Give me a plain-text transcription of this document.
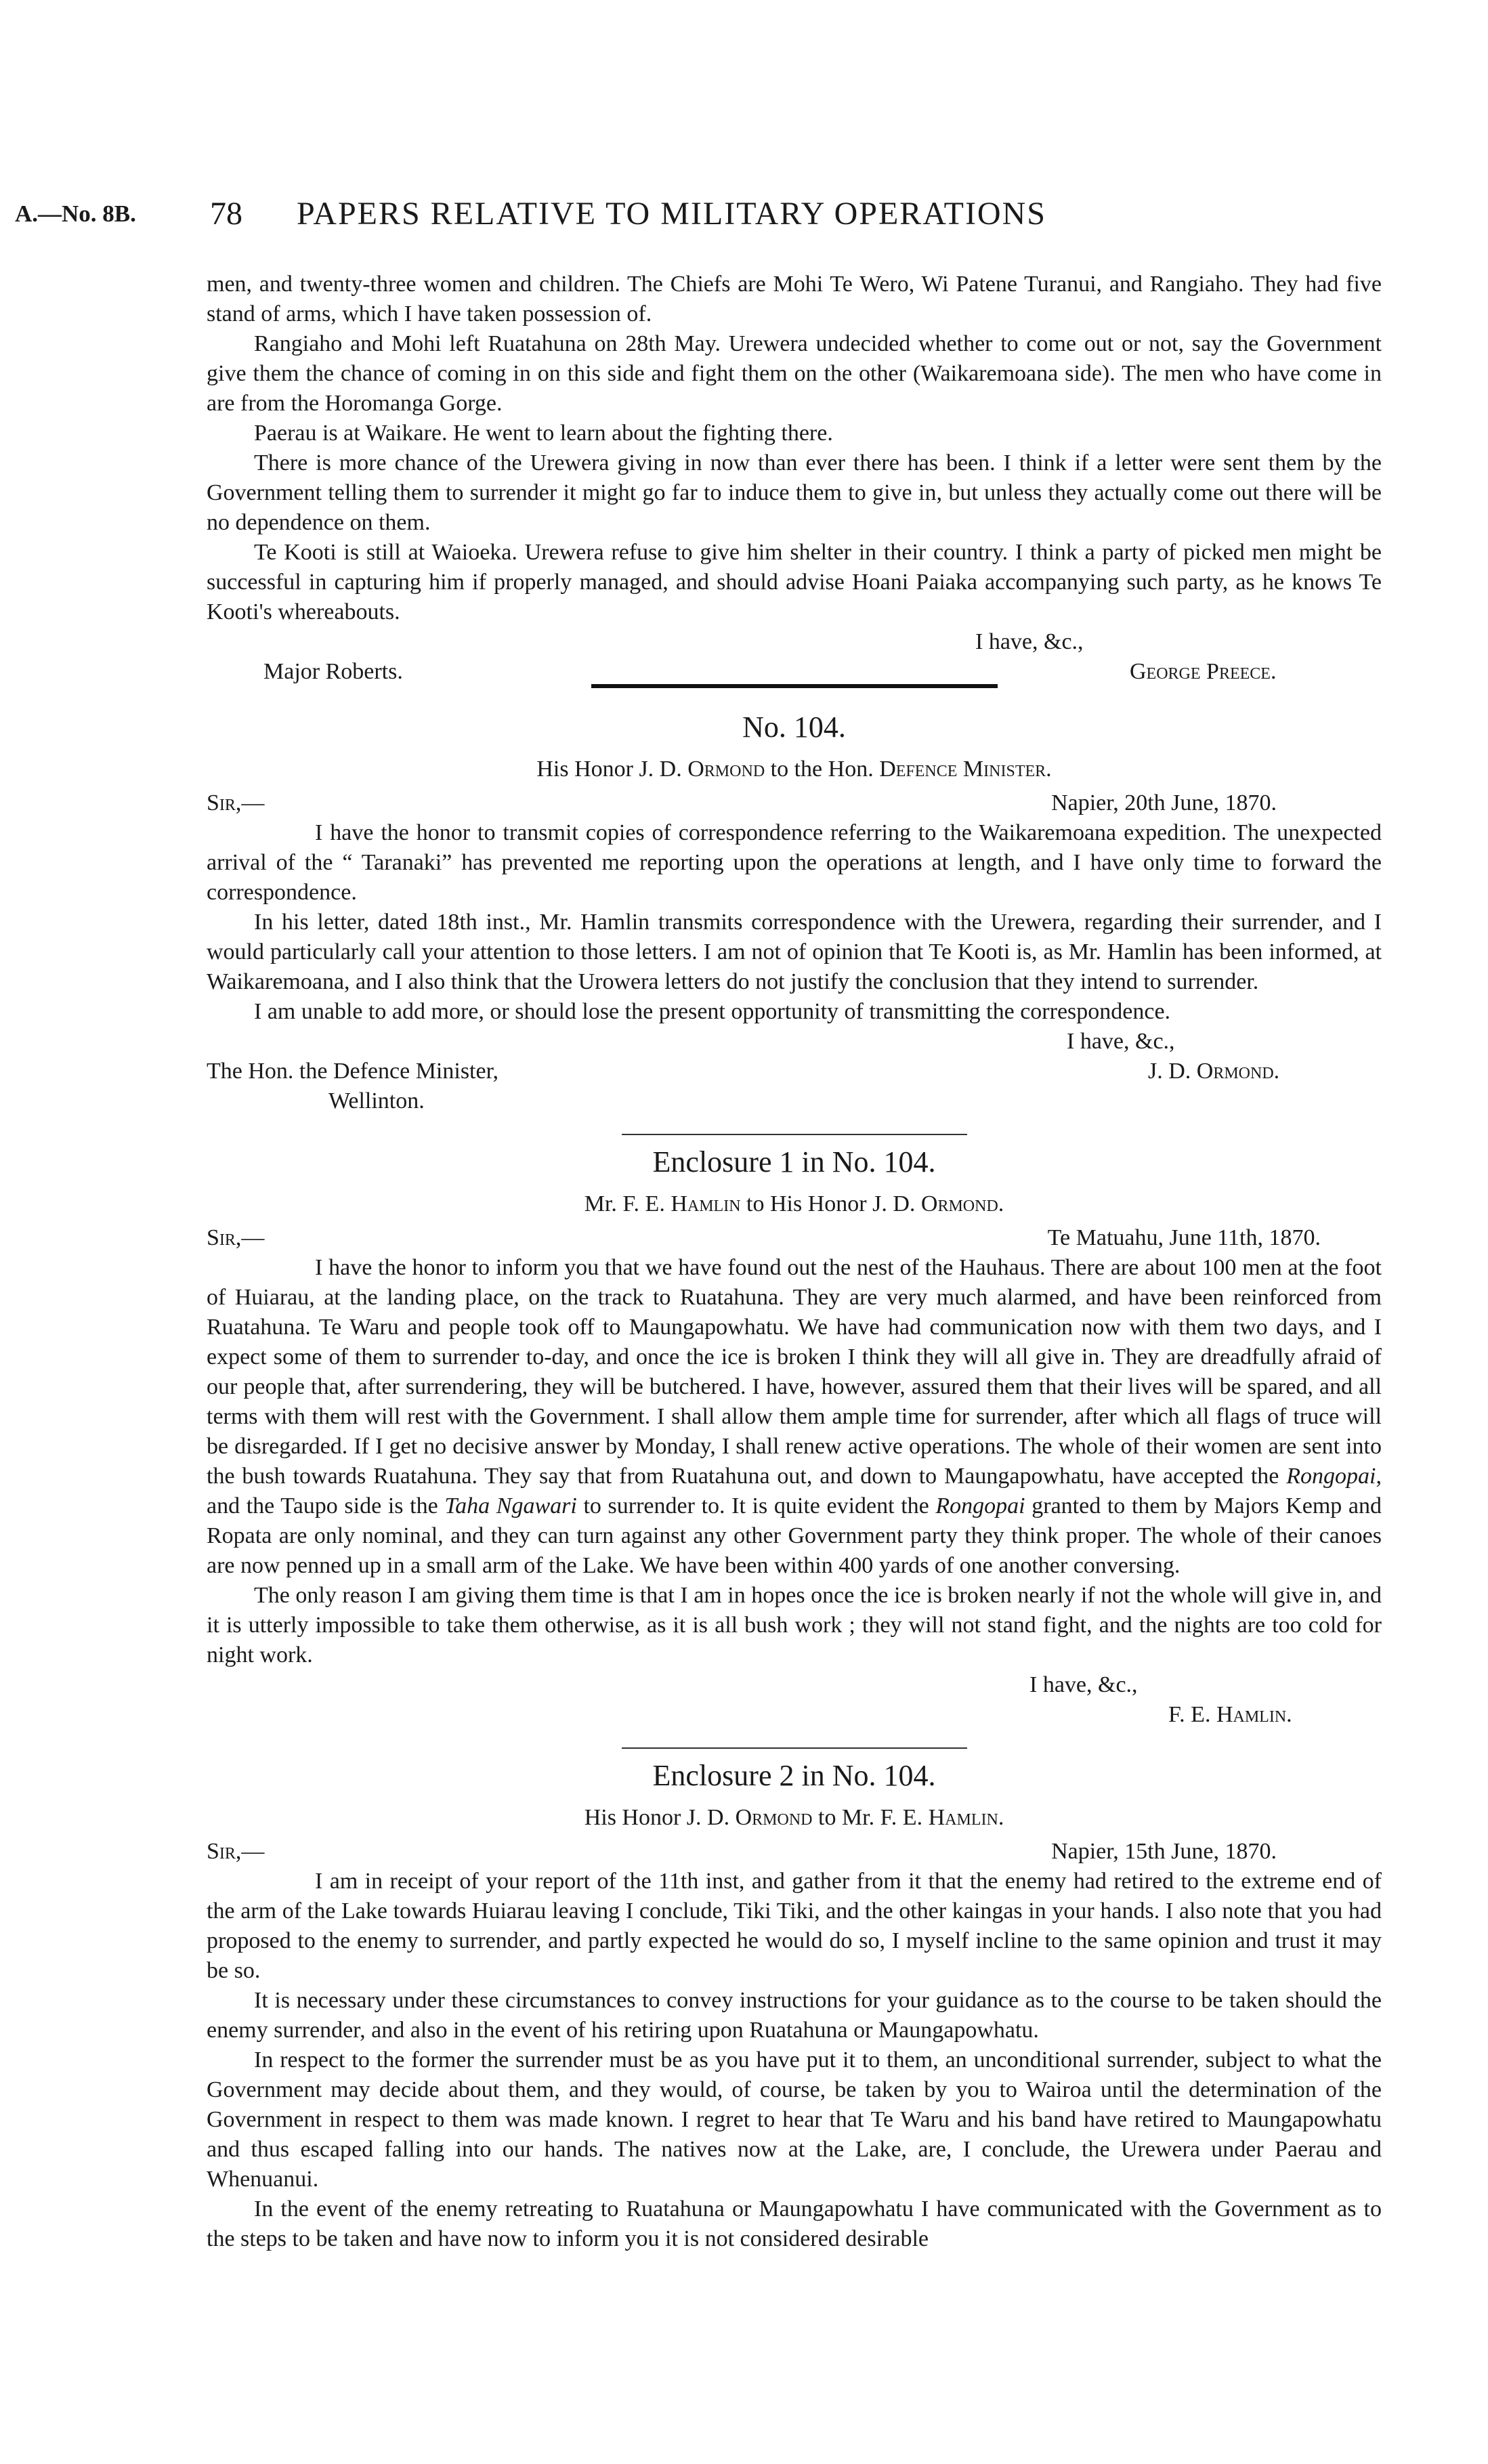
A.—No. 8B. 78 PAPERS RELATIVE TO MILITARY OPERATIONS

men, and twenty-three women and children. The Chiefs are Mohi Te Wero, Wi Patene Turanui, and Rangiaho. They had five stand of arms, which I have taken possession of.

Rangiaho and Mohi left Ruatahuna on 28th May. Urewera undecided whether to come out or not, say the Government give them the chance of coming in on this side and fight them on the other (Waikaremoana side). The men who have come in are from the Horomanga Gorge.

Paerau is at Waikare. He went to learn about the fighting there.

There is more chance of the Urewera giving in now than ever there has been. I think if a letter were sent them by the Government telling them to surrender it might go far to induce them to give in, but unless they actually come out there will be no dependence on them.

Te Kooti is still at Waioeka. Urewera refuse to give him shelter in their country. I think a party of picked men might be successful in capturing him if properly managed, and should advise Hoani Paiaka accompanying such party, as he knows Te Kooti's whereabouts.

I have, &c.,
Major Roberts.	George Preece.
No. 104.
His Honor J. D. Ormond to the Hon. Defence Minister.
Sir,—	Napier, 20th June, 1870.

I have the honor to transmit copies of correspondence referring to the Waikaremoana expedition. The unexpected arrival of the “ Taranaki” has prevented me reporting upon the operations at length, and I have only time to forward the correspondence.

In his letter, dated 18th inst., Mr. Hamlin transmits correspondence with the Urewera, regarding their surrender, and I would particularly call your attention to those letters. I am not of opinion that Te Kooti is, as Mr. Hamlin has been informed, at Waikaremoana, and I also think that the Urowera letters do not justify the conclusion that they intend to surrender.

I am unable to add more, or should lose the present opportunity of transmitting the correspondence.

I have, &c.,
The Hon. the Defence Minister,	J. D. Ormond.
Wellinton.
Enclosure 1 in No. 104.
Mr. F. E. Hamlin to His Honor J. D. Ormond.
Sir,—	Te Matuahu, June 11th, 1870.

I have the honor to inform you that we have found out the nest of the Hauhaus. There are about 100 men at the foot of Huiarau, at the landing place, on the track to Ruatahuna. They are very much alarmed, and have been reinforced from Ruatahuna. Te Waru and people took off to Maungapowhatu. We have had communication now with them two days, and I expect some of them to surrender to-day, and once the ice is broken I think they will all give in. They are dreadfully afraid of our people that, after surrendering, they will be butchered. I have, however, assured them that their lives will be spared, and all terms with them will rest with the Government. I shall allow them ample time for surrender, after which all flags of truce will be disregarded. If I get no decisive answer by Monday, I shall renew active operations. The whole of their women are sent into the bush towards Ruatahuna. They say that from Ruatahuna out, and down to Maungapowhatu, have accepted the Rongopai, and the Taupo side is the Taha Ngawari to surrender to. It is quite evident the Rongopai granted to them by Majors Kemp and Ropata are only nominal, and they can turn against any other Government party they think proper. The whole of their canoes are now penned up in a small arm of the Lake. We have been within 400 yards of one another conversing.

The only reason I am giving them time is that I am in hopes once the ice is broken nearly if not the whole will give in, and it is utterly impossible to take them otherwise, as it is all bush work ; they will not stand fight, and the nights are too cold for night work.

I have, &c.,
F. E. Hamlin.
Enclosure 2 in No. 104.
His Honor J. D. Ormond to Mr. F. E. Hamlin.
Sir,—	Napier, 15th June, 1870.

I am in receipt of your report of the 11th inst, and gather from it that the enemy had retired to the extreme end of the arm of the Lake towards Huiarau leaving I conclude, Tiki Tiki, and the other kaingas in your hands. I also note that you had proposed to the enemy to surrender, and partly expected he would do so, I myself incline to the same opinion and trust it may be so.

It is necessary under these circumstances to convey instructions for your guidance as to the course to be taken should the enemy surrender, and also in the event of his retiring upon Ruatahuna or Maungapowhatu.

In respect to the former the surrender must be as you have put it to them, an unconditional surrender, subject to what the Government may decide about them, and they would, of course, be taken by you to Wairoa until the determination of the Government in respect to them was made known. I regret to hear that Te Waru and his band have retired to Maungapowhatu and thus escaped falling into our hands. The natives now at the Lake, are, I conclude, the Urewera under Paerau and Whenuanui.

In the event of the enemy retreating to Ruatahuna or Maungapowhatu I have communicated with the Government as to the steps to be taken and have now to inform you it is not considered desirable
